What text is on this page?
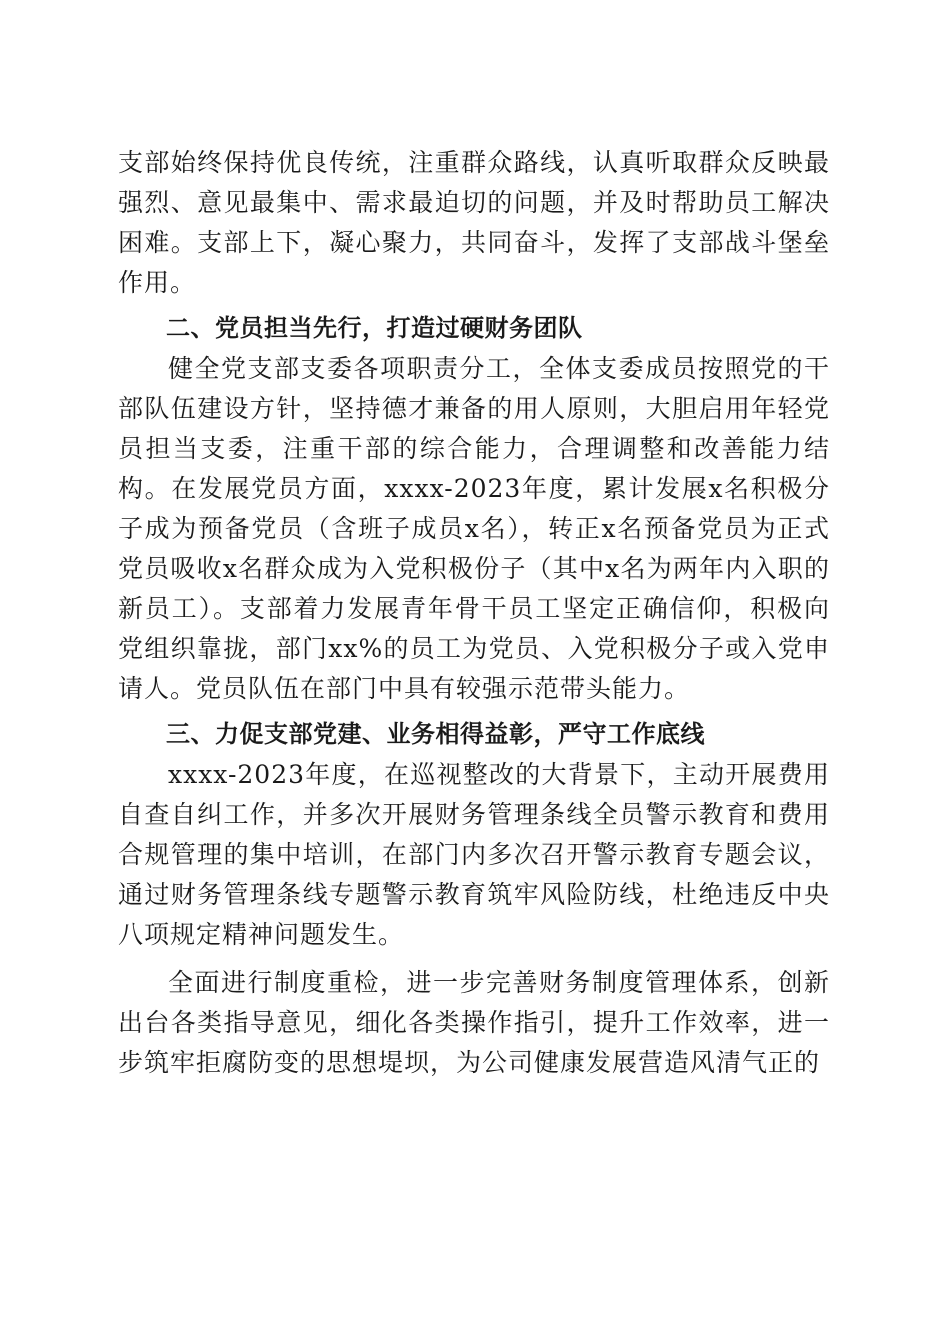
支部始终保持优良传统，注重群众路线，认真听取群众反映最强烈、意见最集中、需求最迫切的问题，并及时帮助员工解决困难。支部上下，凝心聚力，共同奋斗，发挥了支部战斗堡垒作用。

二、党员担当先行，打造过硬财务团队

健全党支部支委各项职责分工，全体支委成员按照党的干部队伍建设方针，坚持德才兼备的用人原则，大胆启用年轻党员担当支委，注重干部的综合能力，合理调整和改善能力结构。在发展党员方面，xxxx-2023年度，累计发展x名积极分子成为预备党员（含班子成员x名），转正x名预备党员为正式党员吸收x名群众成为入党积极份子（其中x名为两年内入职的新员工）。支部着力发展青年骨干员工坚定正确信仰，积极向党组织靠拢，部门xx%的员工为党员、入党积极分子或入党申请人。党员队伍在部门中具有较强示范带头能力。

三、力促支部党建、业务相得益彰，严守工作底线

xxxx-2023年度，在巡视整改的大背景下，主动开展费用自查自纠工作，并多次开展财务管理条线全员警示教育和费用合规管理的集中培训，在部门内多次召开警示教育专题会议，通过财务管理条线专题警示教育筑牢风险防线，杜绝违反中央八项规定精神问题发生。

全面进行制度重检，进一步完善财务制度管理体系，创新出台各类指导意见，细化各类操作指引，提升工作效率，进一步筑牢拒腐防变的思想堤坝，为公司健康发展营造风清气正的
